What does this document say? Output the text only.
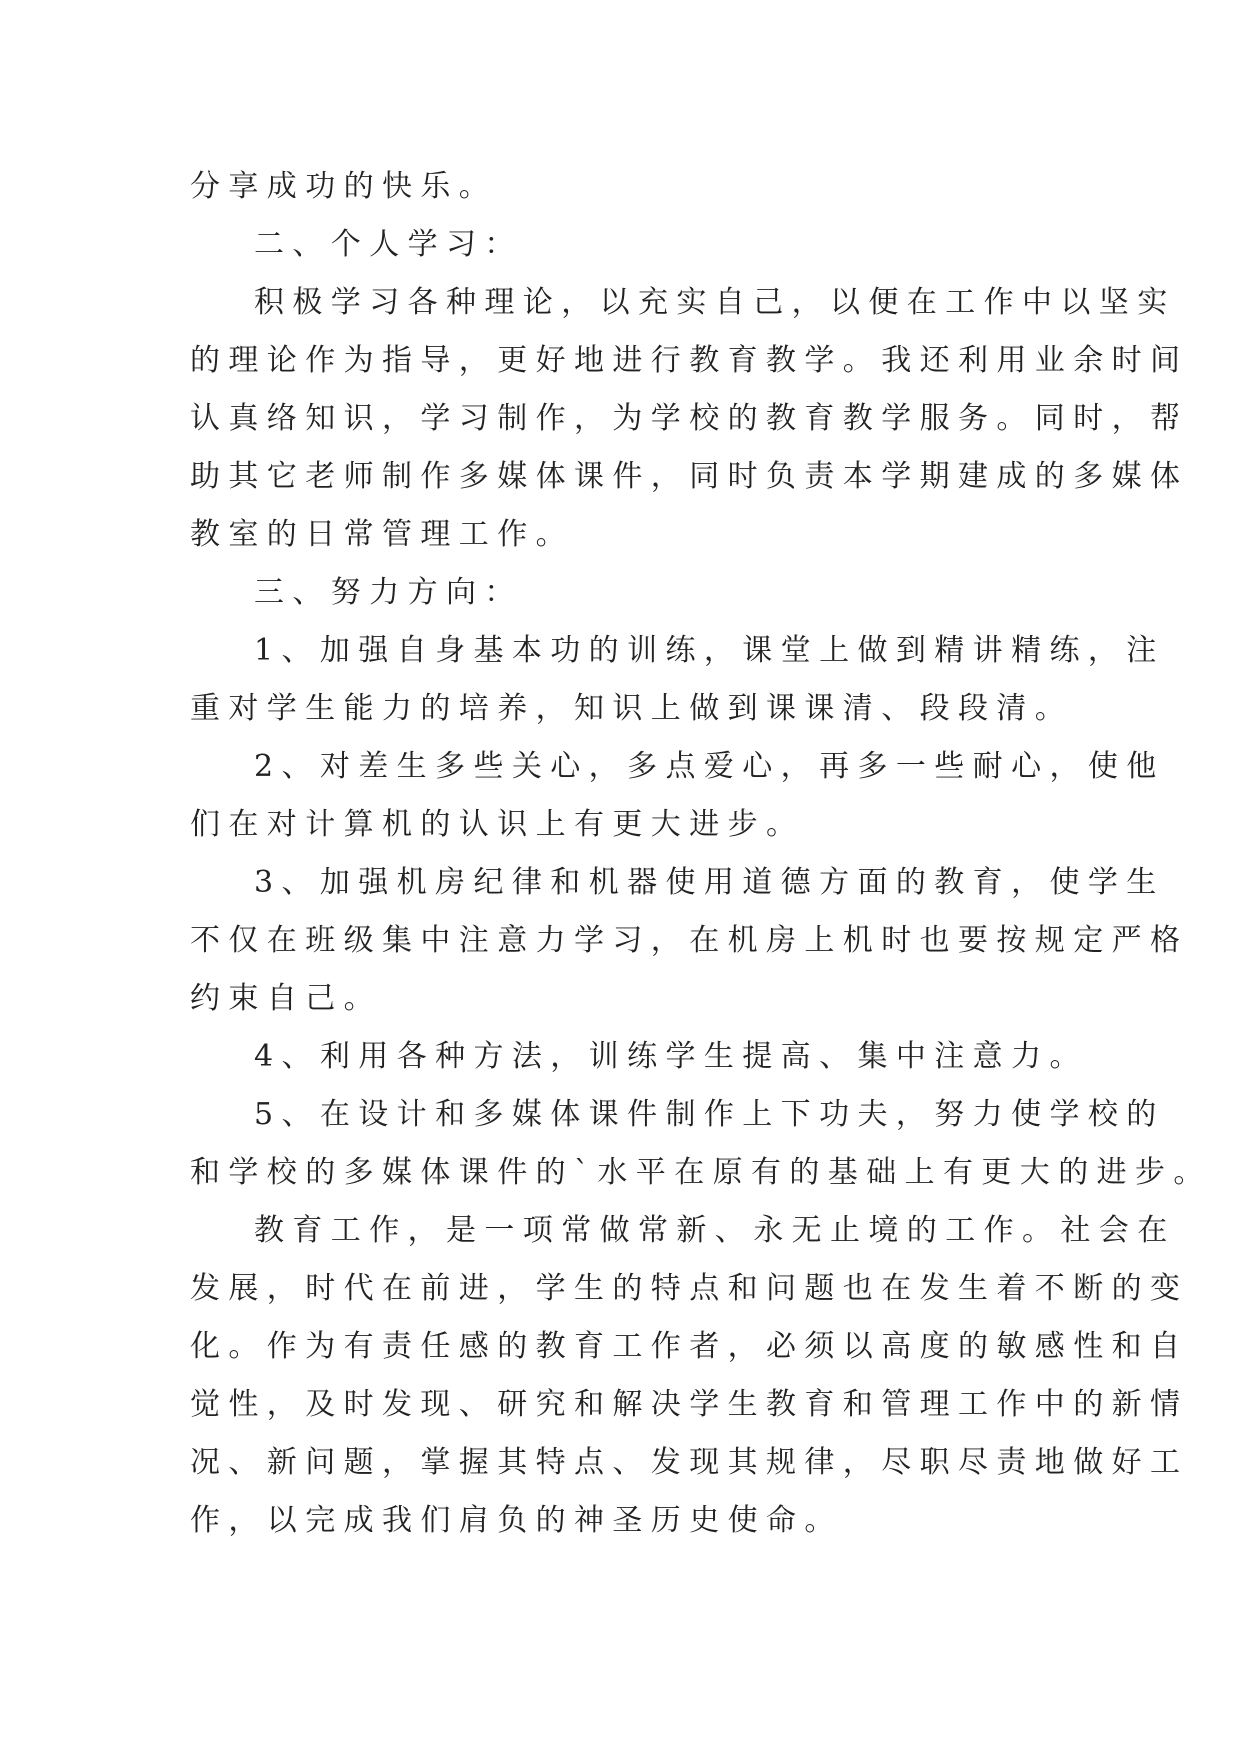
分享成功的快乐。
二、个人学习：
积极学习各种理论，以充实自己，以便在工作中以坚实
的理论作为指导，更好地进行教育教学。我还利用业余时间
认真络知识，学习制作，为学校的教育教学服务。同时，帮
助其它老师制作多媒体课件，同时负责本学期建成的多媒体
教室的日常管理工作。
三、努力方向：
1、加强自身基本功的训练，课堂上做到精讲精练，注
重对学生能力的培养，知识上做到课课清、段段清。
2、对差生多些关心，多点爱心，再多一些耐心，使他
们在对计算机的认识上有更大进步。
3、加强机房纪律和机器使用道德方面的教育，使学生
不仅在班级集中注意力学习，在机房上机时也要按规定严格
约束自己。
4、利用各种方法，训练学生提高、集中注意力。
5、在设计和多媒体课件制作上下功夫，努力使学校的
和学校的多媒体课件的`水平在原有的基础上有更大的进步。
教育工作，是一项常做常新、永无止境的工作。社会在
发展，时代在前进，学生的特点和问题也在发生着不断的变
化。作为有责任感的教育工作者，必须以高度的敏感性和自
觉性，及时发现、研究和解决学生教育和管理工作中的新情
况、新问题，掌握其特点、发现其规律，尽职尽责地做好工
作，以完成我们肩负的神圣历史使命。
